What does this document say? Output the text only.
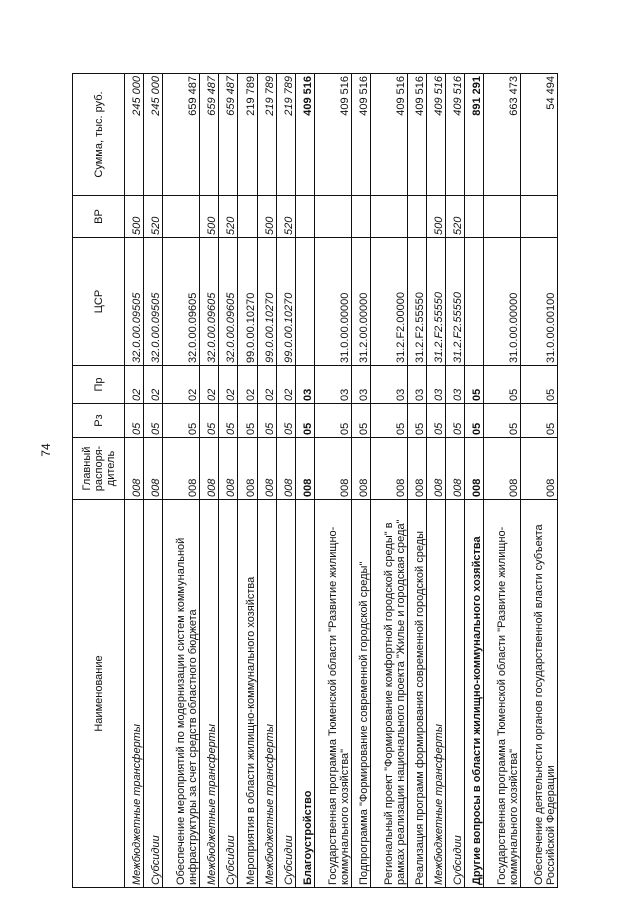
74
Наименование	Главный распоря-дитель	Рз	Пр	ЦСР	ВР	Сумма, тыс. руб.
Межбюджетные трансферты	008	05	02	32.0.00.09505	500	245 000
Субсидии	008	05	02	32.0.00.09505	520	245 000
Обеспечение мероприятий по модернизации систем коммунальной инфраструктуры за счет средств областного бюджета	008	05	02	32.0.00.09605		659 487
Межбюджетные трансферты	008	05	02	32.0.00.09605	500	659 487
Субсидии	008	05	02	32.0.00.09605	520	659 487
Мероприятия в области жилищно-коммунального хозяйства	008	05	02	99.0.00.10270		219 789
Межбюджетные трансферты	008	05	02	99.0.00.10270	500	219 789
Субсидии	008	05	02	99.0.00.10270	520	219 789
Благоустройство	008	05	03			409 516
Государственная программа Тюменской области "Развитие жилищно-коммунального хозяйства"	008	05	03	31.0.00.00000		409 516
Подпрограмма "Формирование современной городской среды"	008	05	03	31.2.00.00000		409 516
Региональный проект "Формирование комфортной городской среды" в рамках реализации национального проекта "Жилье и городская среда"	008	05	03	31.2.F2.00000		409 516
Реализация программ формирования современной городской среды	008	05	03	31.2.F2.55550		409 516
Межбюджетные трансферты	008	05	03	31.2.F2.55550	500	409 516
Субсидии	008	05	03	31.2.F2.55550	520	409 516
Другие вопросы в области жилищно-коммунального хозяйства	008	05	05			891 291
Государственная программа Тюменской области "Развитие жилищно-коммунального хозяйства"	008	05	05	31.0.00.00000		663 473
Обеспечение деятельности органов государственной власти субъекта Российской Федерации	008	05	05	31.0.00.00100		54 494
